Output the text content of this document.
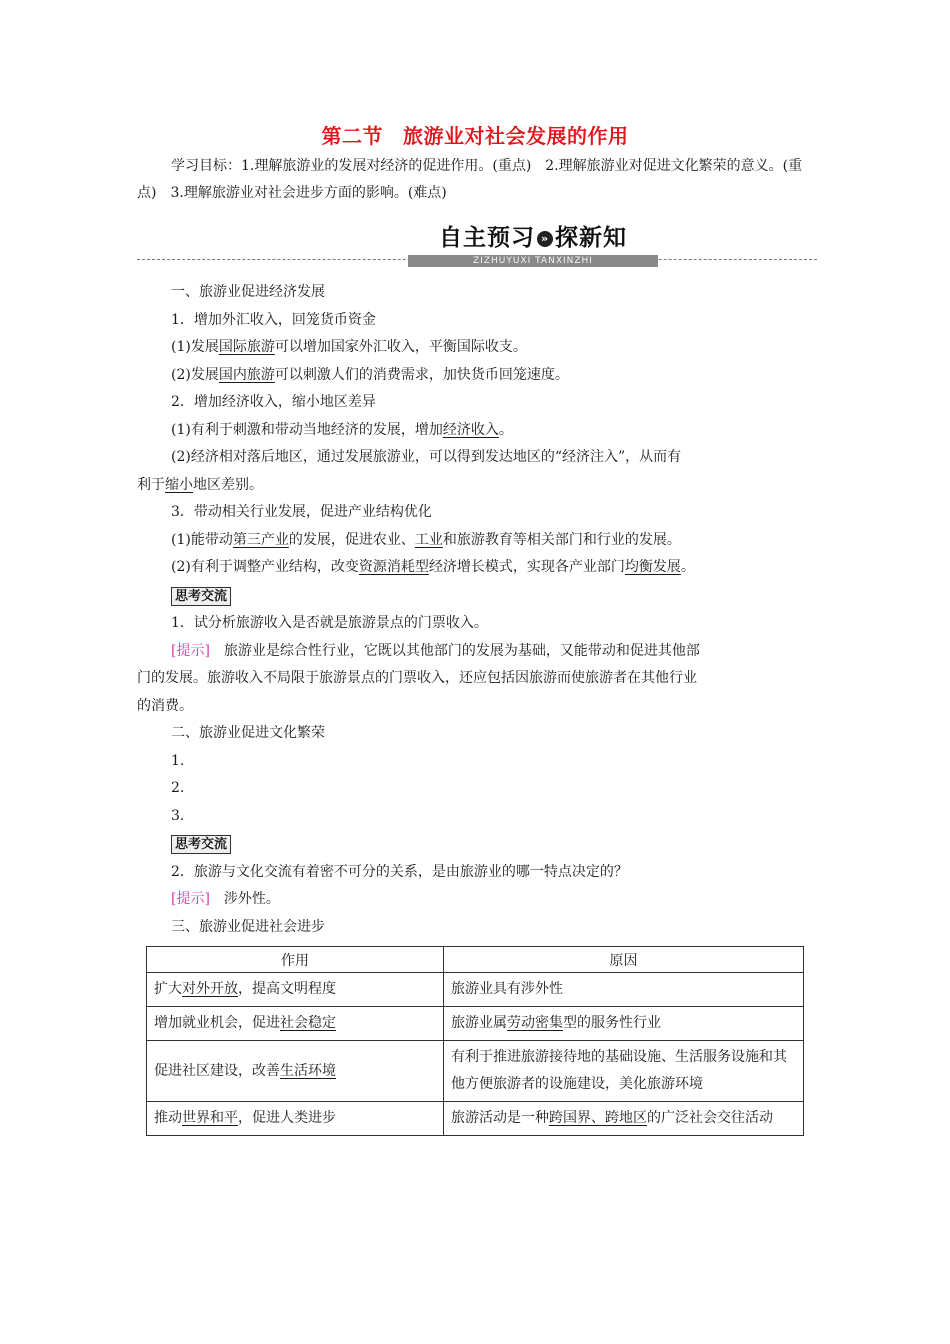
第二节 旅游业对社会发展的作用
学习目标：1.理解旅游业的发展对经济的促进作用。(重点)　2.理解旅游业对促进文化繁荣的意义。(重点)　3.理解旅游业对社会进步方面的影响。(难点)
自主预习 » 探新知
ZIZHUYUXI TANXINZHI

一、旅游业促进经济发展

1．增加外汇收入，回笼货币资金

(1)发展国际旅游可以增加国家外汇收入，平衡国际收支。

(2)发展国内旅游可以刺激人们的消费需求，加快货币回笼速度。

2．增加经济收入，缩小地区差异

(1)有利于刺激和带动当地经济的发展，增加经济收入。

(2)经济相对落后地区，通过发展旅游业，可以得到发达地区的“经济注入”，从而有

利于缩小地区差别。

3．带动相关行业发展，促进产业结构优化

(1)能带动第三产业的发展，促进农业、工业和旅游教育等相关部门和行业的发展。

(2)有利于调整产业结构，改变资源消耗型经济增长模式，实现各产业部门均衡发展。

思考交流

1．试分析旅游收入是否就是旅游景点的门票收入。

[提示]　旅游业是综合性行业，它既以其他部门的发展为基础，又能带动和促进其他部

门的发展。旅游收入不局限于旅游景点的门票收入，还应包括因旅游而使旅游者在其他行业

的消费。

二、旅游业促进文化繁荣

1.

2.

3.

思考交流

2．旅游与文化交流有着密不可分的关系，是由旅游业的哪一特点决定的？

[提示]　涉外性。

三、旅游业促进社会进步

作用	原因
扩大对外开放，提高文明程度	旅游业具有涉外性
增加就业机会，促进社会稳定	旅游业属劳动密集型的服务性行业
促进社区建设，改善生活环境	有利于推进旅游接待地的基础设施、生活服务设施和其他方便旅游者的设施建设，美化旅游环境
推动世界和平，促进人类进步	旅游活动是一种跨国界、跨地区的广泛社会交往活动
